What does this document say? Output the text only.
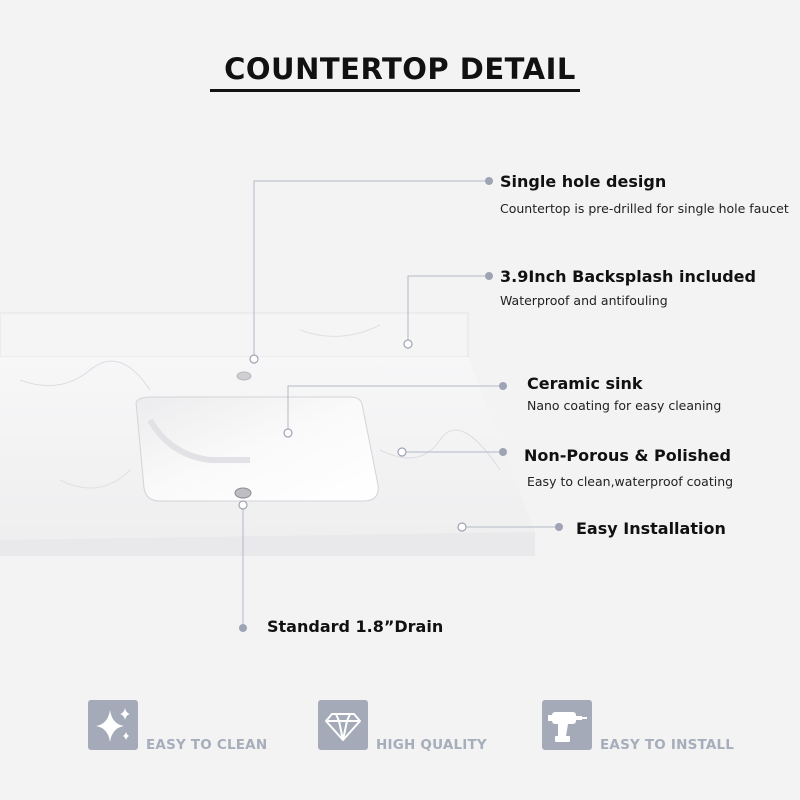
COUNTERTOP DETAIL
Single hole design
Countertop is pre-drilled for single hole faucet
3.9Inch Backsplash included
Waterproof and antifouling
Ceramic sink
Nano coating for easy cleaning
Non-Porous & Polished
Easy to clean,waterproof coating
Easy Installation
Standard 1.8”Drain
EASY TO CLEAN	HIGH QUALITY	EASY TO INSTALL
